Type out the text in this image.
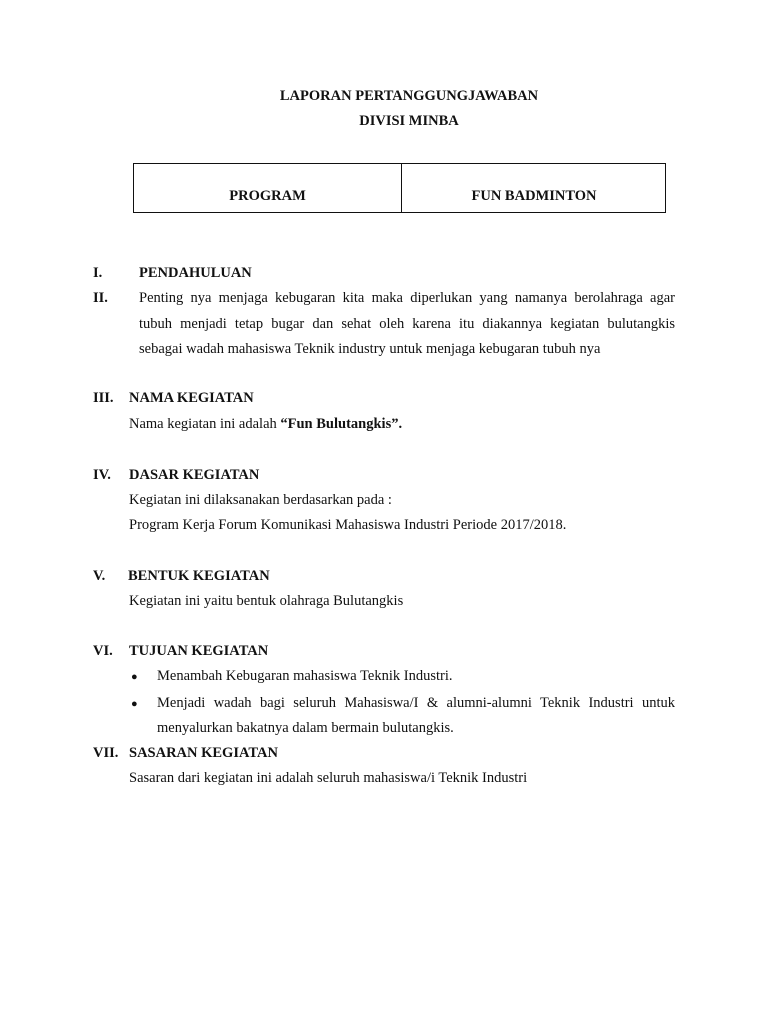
LAPORAN PERTANGGUNGJAWABAN
DIVISI MINBA
PROGRAM	FUN BADMINTON
I.	PENDAHULUAN
II. Penting nya menjaga kebugaran kita maka diperlukan yang namanya berolahraga agar
tubuh menjadi tetap bugar dan sehat oleh karena itu diakannya kegiatan bulutangkis
sebagai wadah mahasiswa Teknik industry untuk menjaga kebugaran tubuh nya
III. NAMA KEGIATAN
Nama kegiatan ini adalah “Fun Bulutangkis”.
IV. DASAR KEGIATAN
Kegiatan ini dilaksanakan berdasarkan pada :
Program Kerja Forum Komunikasi Mahasiswa Industri Periode 2017/2018.
V. BENTUK KEGIATAN
Kegiatan ini yaitu bentuk olahraga Bulutangkis
VI. TUJUAN KEGIATAN
● Menambah Kebugaran mahasiswa Teknik Industri.
● Menjadi wadah bagi seluruh Mahasiswa/I & alumni-alumni Teknik Industri untuk
menyalurkan bakatnya dalam bermain bulutangkis.
VII. SASARAN KEGIATAN
Sasaran dari kegiatan ini adalah seluruh mahasiswa/i Teknik Industri
